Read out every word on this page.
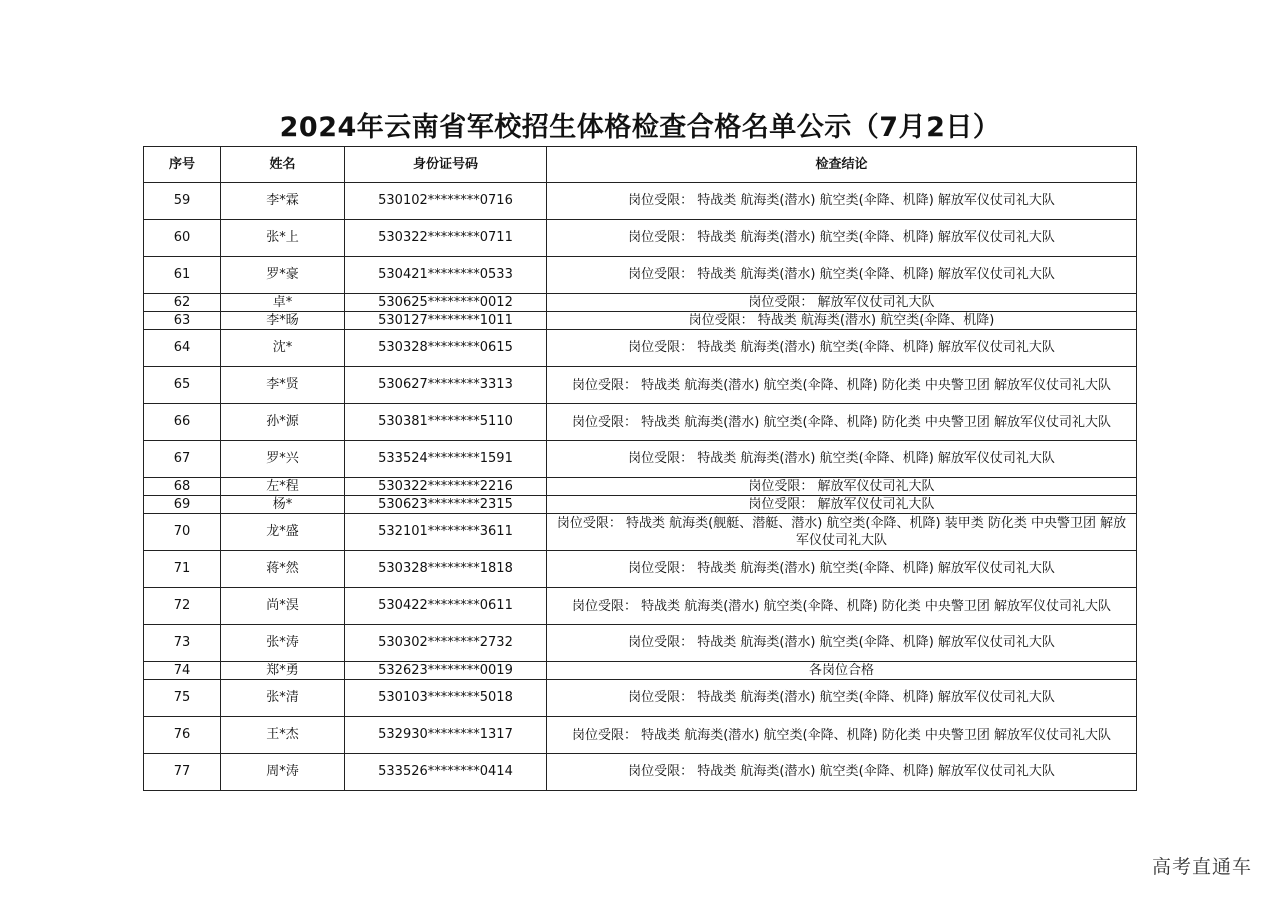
2024年云南省军校招生体格检查合格名单公示（7月2日）
序号	姓名	身份证号码	检查结论
59	李*霖	530102********0716	岗位受限： 特战类 航海类(潜水) 航空类(伞降、机降) 解放军仪仗司礼大队
60	张*上	530322********0711	岗位受限： 特战类 航海类(潜水) 航空类(伞降、机降) 解放军仪仗司礼大队
61	罗*豪	530421********0533	岗位受限： 特战类 航海类(潜水) 航空类(伞降、机降) 解放军仪仗司礼大队
62	卓*	530625********0012	岗位受限： 解放军仪仗司礼大队
63	李*旸	530127********1011	岗位受限： 特战类 航海类(潜水) 航空类(伞降、机降)
64	沈*	530328********0615	岗位受限： 特战类 航海类(潜水) 航空类(伞降、机降) 解放军仪仗司礼大队
65	李*贤	530627********3313	岗位受限： 特战类 航海类(潜水) 航空类(伞降、机降) 防化类 中央警卫团 解放军仪仗司礼大队
66	孙*源	530381********5110	岗位受限： 特战类 航海类(潜水) 航空类(伞降、机降) 防化类 中央警卫团 解放军仪仗司礼大队
67	罗*兴	533524********1591	岗位受限： 特战类 航海类(潜水) 航空类(伞降、机降) 解放军仪仗司礼大队
68	左*程	530322********2216	岗位受限： 解放军仪仗司礼大队
69	杨*	530623********2315	岗位受限： 解放军仪仗司礼大队
70	龙*盛	532101********3611	岗位受限： 特战类 航海类(舰艇、潜艇、潜水) 航空类(伞降、机降) 装甲类 防化类 中央警卫团 解放军仪仗司礼大队
71	蒋*然	530328********1818	岗位受限： 特战类 航海类(潜水) 航空类(伞降、机降) 解放军仪仗司礼大队
72	尚*淏	530422********0611	岗位受限： 特战类 航海类(潜水) 航空类(伞降、机降) 防化类 中央警卫团 解放军仪仗司礼大队
73	张*涛	530302********2732	岗位受限： 特战类 航海类(潜水) 航空类(伞降、机降) 解放军仪仗司礼大队
74	郑*勇	532623********0019	各岗位合格
75	张*清	530103********5018	岗位受限： 特战类 航海类(潜水) 航空类(伞降、机降) 解放军仪仗司礼大队
76	王*杰	532930********1317	岗位受限： 特战类 航海类(潜水) 航空类(伞降、机降) 防化类 中央警卫团 解放军仪仗司礼大队
77	周*涛	533526********0414	岗位受限： 特战类 航海类(潜水) 航空类(伞降、机降) 解放军仪仗司礼大队
高考直通车
